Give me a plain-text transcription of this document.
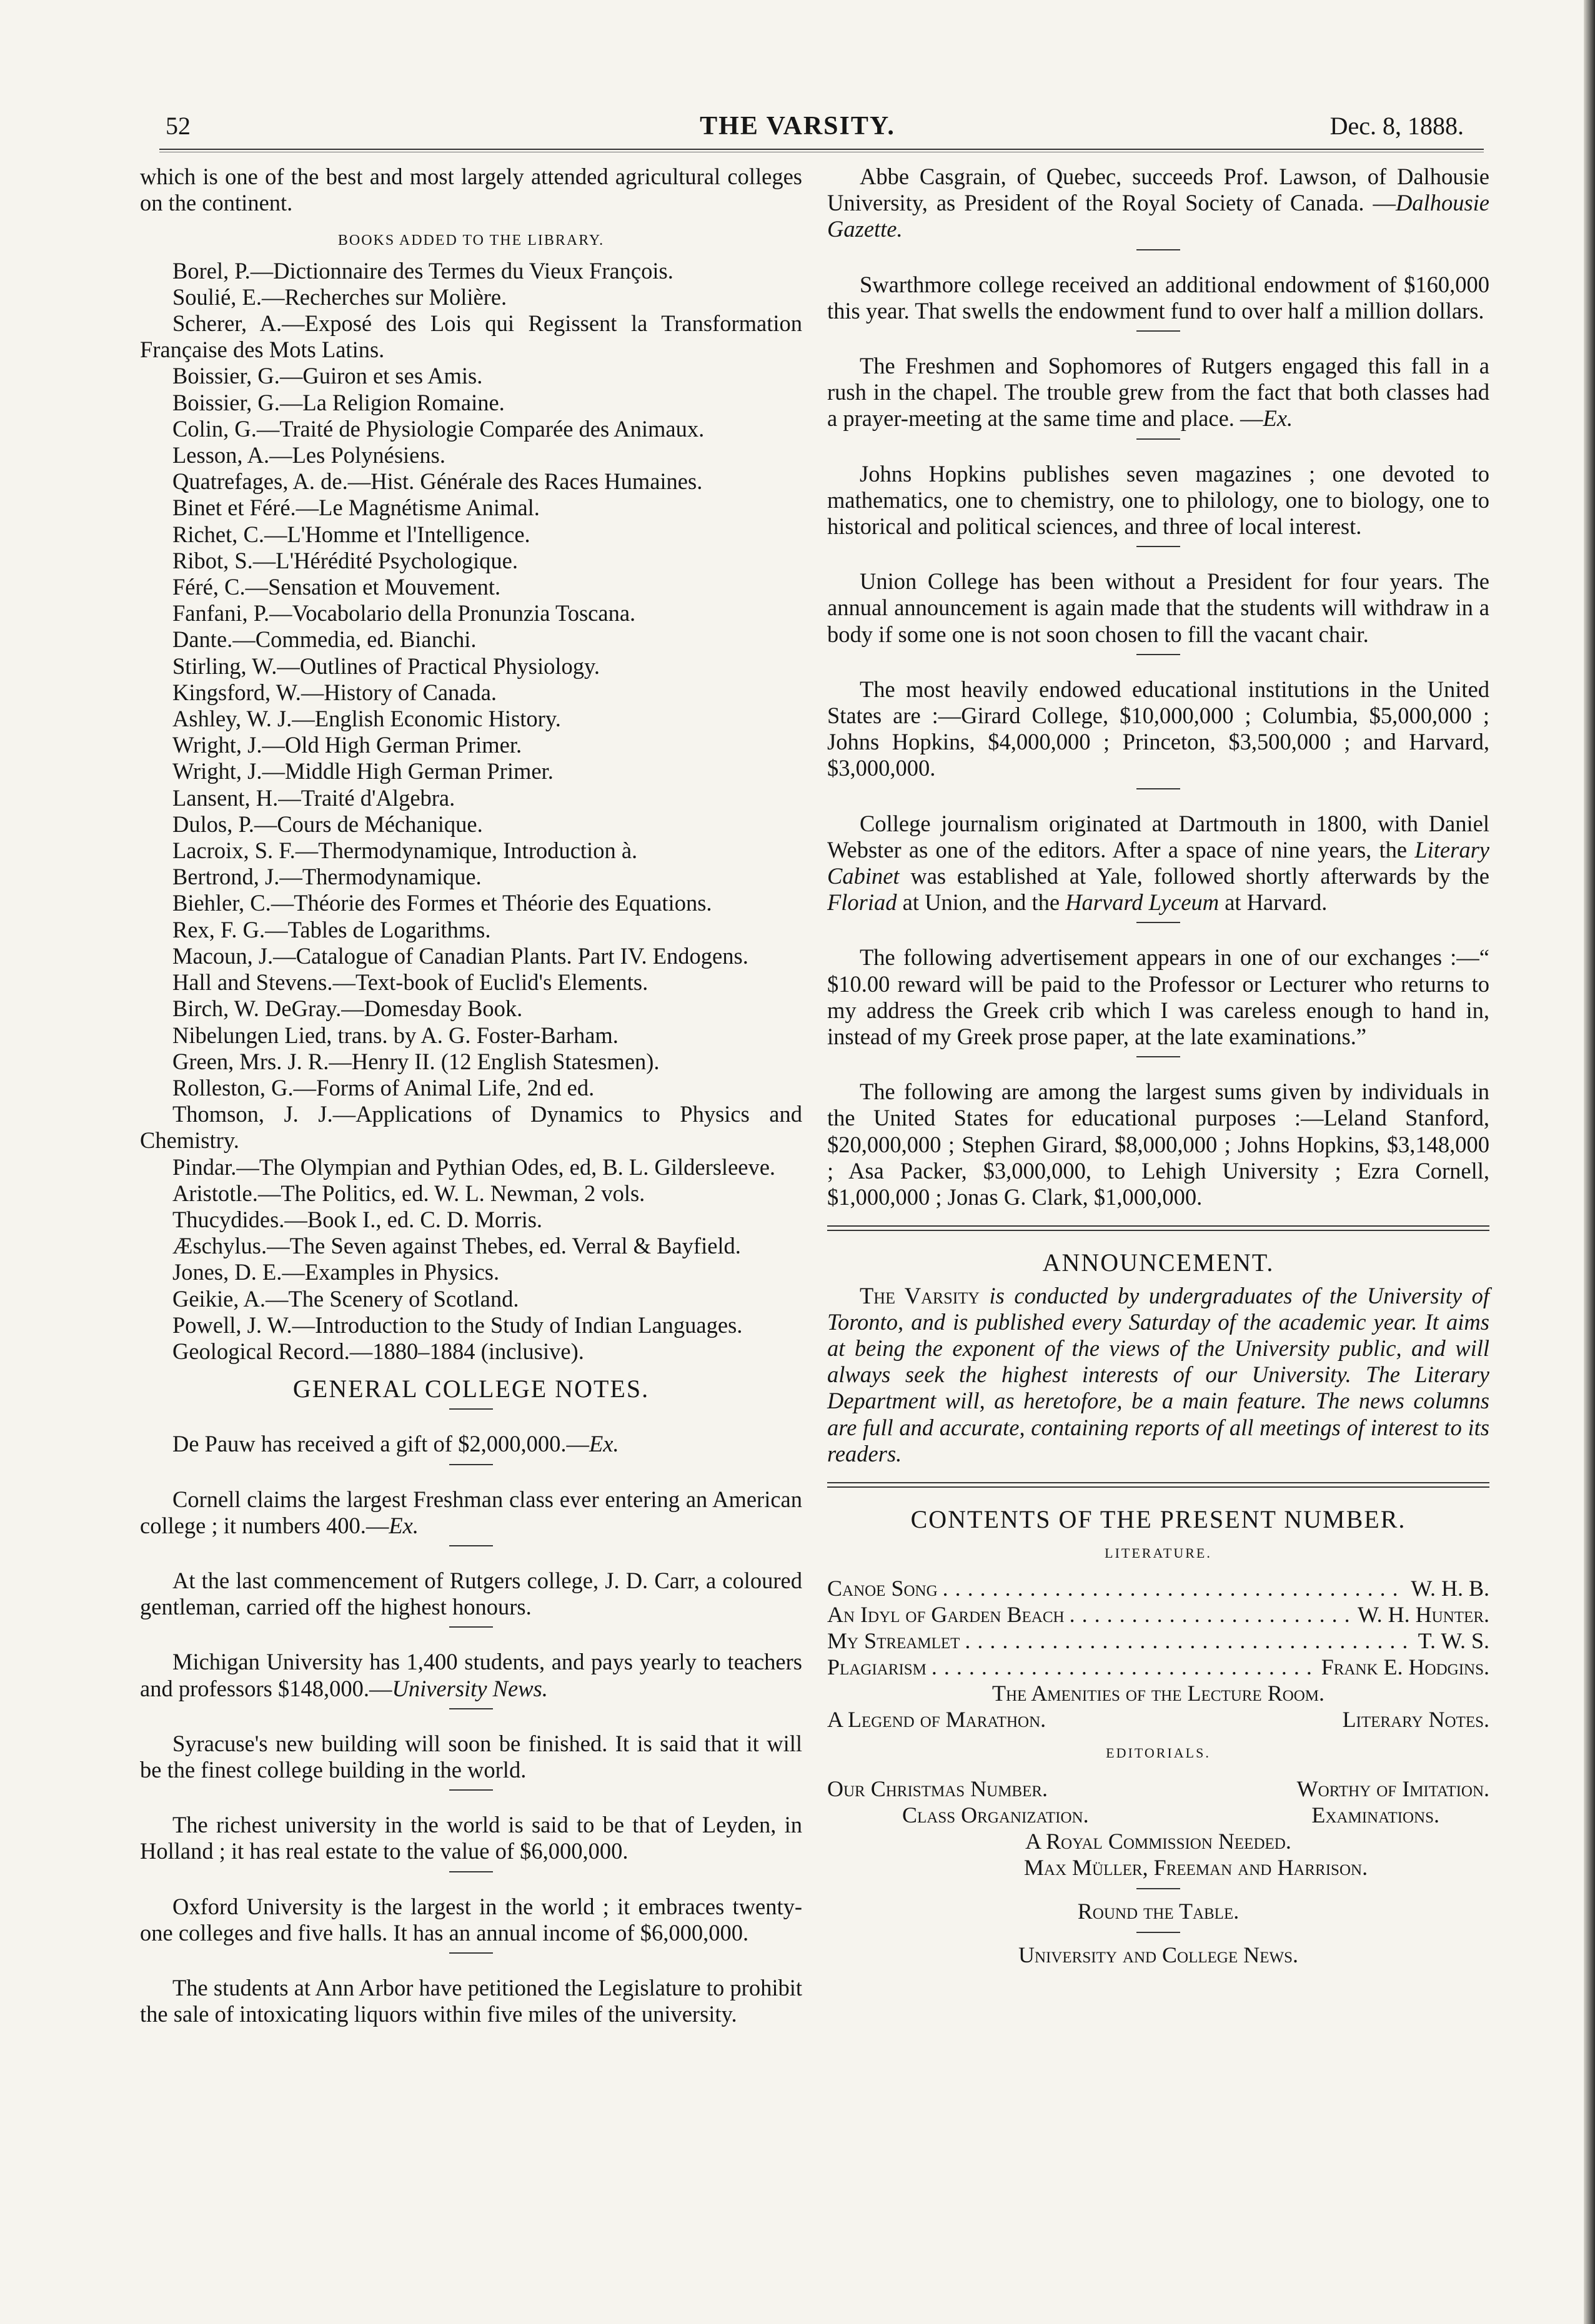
52	THE VARSITY.	Dec. 8, 1888.

which is one of the best and most largely attended agricultural colleges on the continent.

BOOKS ADDED TO THE LIBRARY.

Borel, P.—Dictionnaire des Termes du Vieux François.

Soulié, E.—Recherches sur Molière.

Scherer, A.—Exposé des Lois qui Regissent la Transformation Française des Mots Latins.

Boissier, G.—Guiron et ses Amis.

Boissier, G.—La Religion Romaine.

Colin, G.—Traité de Physiologie Comparée des Animaux.

Lesson, A.—Les Polynésiens.

Quatrefages, A. de.—Hist. Générale des Races Humaines.

Binet et Féré.—Le Magnétisme Animal.

Richet, C.—L'Homme et l'Intelligence.

Ribot, S.—L'Hérédité Psychologique.

Féré, C.—Sensation et Mouvement.

Fanfani, P.—Vocabolario della Pronunzia Toscana.

Dante.—Commedia, ed. Bianchi.

Stirling, W.—Outlines of Practical Physiology.

Kingsford, W.—History of Canada.

Ashley, W. J.—English Economic History.

Wright, J.—Old High German Primer.

Wright, J.—Middle High German Primer.

Lansent, H.—Traité d'Algebra.

Dulos, P.—Cours de Méchanique.

Lacroix, S. F.—Thermodynamique, Introduction à.

Bertrond, J.—Thermodynamique.

Biehler, C.—Théorie des Formes et Théorie des Equations.

Rex, F. G.—Tables de Logarithms.

Macoun, J.—Catalogue of Canadian Plants. Part IV. Endogens.

Hall and Stevens.—Text-book of Euclid's Elements.

Birch, W. DeGray.—Domesday Book.

Nibelungen Lied, trans. by A. G. Foster-Barham.

Green, Mrs. J. R.—Henry II. (12 English Statesmen).

Rolleston, G.—Forms of Animal Life, 2nd ed.

Thomson, J. J.—Applications of Dynamics to Physics and Chemistry.

Pindar.—The Olympian and Pythian Odes, ed, B. L. Gildersleeve.

Aristotle.—The Politics, ed. W. L. Newman, 2 vols.

Thucydides.—Book I., ed. C. D. Morris.

Æschylus.—The Seven against Thebes, ed. Verral & Bayfield.

Jones, D. E.—Examples in Physics.

Geikie, A.—The Scenery of Scotland.

Powell, J. W.—Introduction to the Study of Indian Languages.

Geological Record.—1880–1884 (inclusive).

GENERAL COLLEGE NOTES.

De Pauw has received a gift of $2,000,000.—Ex.

Cornell claims the largest Freshman class ever entering an American college ; it numbers 400.—Ex.

At the last commencement of Rutgers college, J. D. Carr, a coloured gentleman, carried off the highest honours.

Michigan University has 1,400 students, and pays yearly to teachers and professors $148,000.—University News.

Syracuse's new building will soon be finished. It is said that it will be the finest college building in the world.

The richest university in the world is said to be that of Leyden, in Holland ; it has real estate to the value of $6,000,000.

Oxford University is the largest in the world ; it embraces twenty-one colleges and five halls. It has an annual income of $6,000,000.

The students at Ann Arbor have petitioned the Legislature to prohibit the sale of intoxicating liquors within five miles of the university.

Abbe Casgrain, of Quebec, succeeds Prof. Lawson, of Dalhousie University, as President of the Royal Society of Canada. —Dalhousie Gazette.

Swarthmore college received an additional endowment of $160,000 this year. That swells the endowment fund to over half a million dollars.

The Freshmen and Sophomores of Rutgers engaged this fall in a rush in the chapel. The trouble grew from the fact that both classes had a prayer-meeting at the same time and place. —Ex.

Johns Hopkins publishes seven magazines ; one devoted to mathematics, one to chemistry, one to philology, one to biology, one to historical and political sciences, and three of local interest.

Union College has been without a President for four years. The annual announcement is again made that the students will withdraw in a body if some one is not soon chosen to fill the vacant chair.

The most heavily endowed educational institutions in the United States are :—Girard College, $10,000,000 ; Columbia, $5,000,000 ; Johns Hopkins, $4,000,000 ; Princeton, $3,500,000 ; and Harvard, $3,000,000.

College journalism originated at Dartmouth in 1800, with Daniel Webster as one of the editors. After a space of nine years, the Literary Cabinet was established at Yale, followed shortly afterwards by the Floriad at Union, and the Harvard Lyceum at Harvard.

The following advertisement appears in one of our exchanges :—“ $10.00 reward will be paid to the Professor or Lecturer who returns to my address the Greek crib which I was careless enough to hand in, instead of my Greek prose paper, at the late examinations.”

The following are among the largest sums given by individuals in the United States for educational purposes :—Leland Stanford, $20,000,000 ; Stephen Girard, $8,000,000 ; Johns Hopkins, $3,148,000 ; Asa Packer, $3,000,000, to Lehigh University ; Ezra Cornell, $1,000,000 ; Jonas G. Clark, $1,000,000.

ANNOUNCEMENT.

The Varsity is conducted by undergraduates of the University of Toronto, and is published every Saturday of the academic year. It aims at being the exponent of the views of the University public, and will always seek the highest interests of our University. The Literary Department will, as heretofore, be a main feature. The news columns are full and accurate, containing reports of all meetings of interest to its readers.

CONTENTS OF THE PRESENT NUMBER.
LITERATURE.
Canoe Song . . .	W. H. B.
An Idyl of Garden Beach . . .	W. H. Hunter.
My Streamlet . . .	T. W. S.
Plagiarism . . .	Frank E. Hodgins.
The Amenities of the Lecture Room.
A Legend of Marathon.	Literary Notes.
EDITORIALS.
Our Christmas Number.	Worthy of Imitation.
Class Organization.	Examinations.
A Royal Commission Needed.
Max Müller, Freeman and Harrison.
Round the Table.
University and College News.
